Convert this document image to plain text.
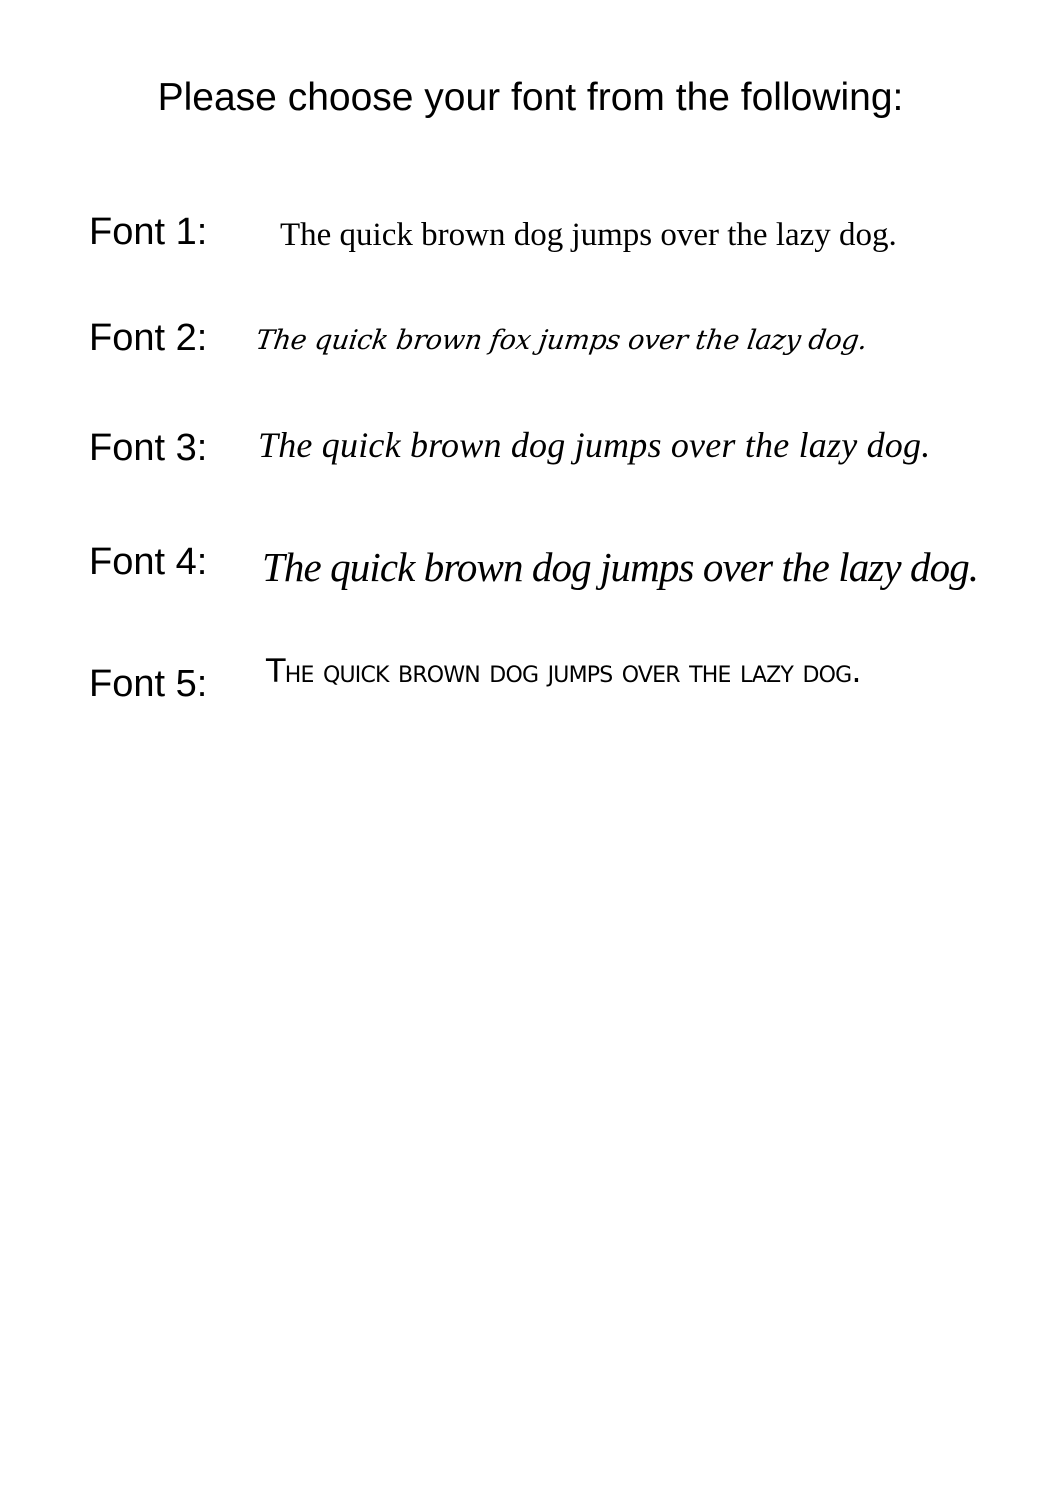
Please choose your font from the following:
Font 1: The quick brown dog jumps over the lazy dog.
Font 2: The quick brown fox jumps over the lazy dog.
Font 3: The quick brown dog jumps over the lazy dog.
Font 4: The quick brown dog jumps over the lazy dog.
Font 5: The quick brown dog jumps over the lazy dog.
